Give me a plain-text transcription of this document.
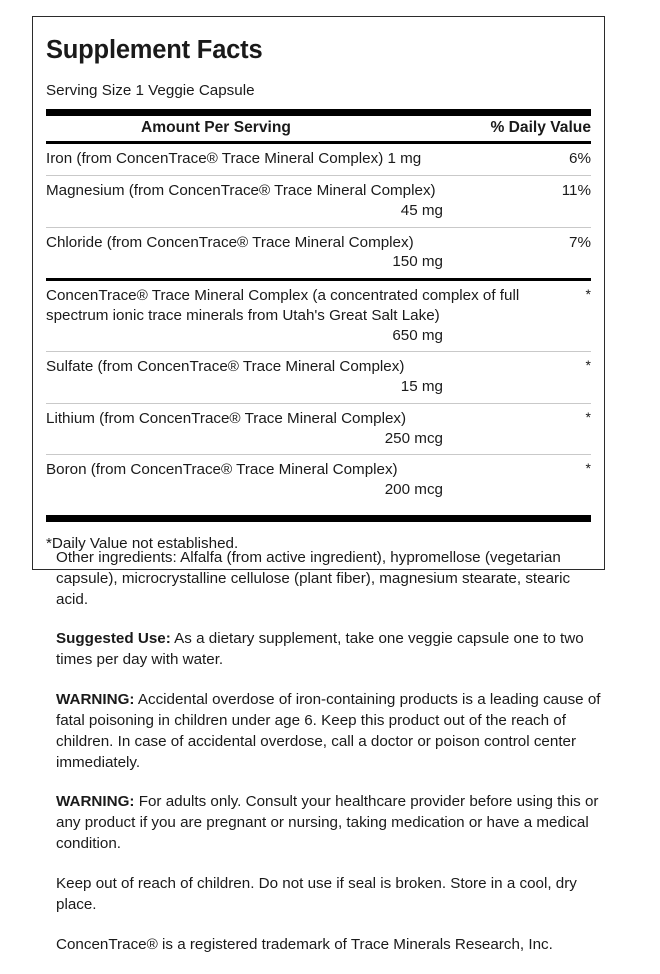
Supplement Facts
Serving Size 1 Veggie Capsule
Amount Per Serving	% Daily Value
Iron (from ConcenTrace® Trace Mineral Complex) 1 mg	6%
Magnesium (from ConcenTrace® Trace Mineral Complex)
45 mg
11%
Chloride (from ConcenTrace® Trace Mineral Complex)
150 mg
7%
ConcenTrace® Trace Mineral Complex (a concentrated complex of full spectrum ionic trace minerals from Utah's Great Salt Lake)
650 mg
*
Sulfate (from ConcenTrace® Trace Mineral Complex)
15 mg
*
Lithium (from ConcenTrace® Trace Mineral Complex)
250 mcg
*
Boron (from ConcenTrace® Trace Mineral Complex)
200 mcg
*
*Daily Value not established.

Other ingredients: Alfalfa (from active ingredient), hypromellose (vegetarian capsule), microcrystalline cellulose (plant fiber), magnesium stearate, stearic acid.

Suggested Use: As a dietary supplement, take one veggie capsule one to two times per day with water.

WARNING: Accidental overdose of iron-containing products is a leading cause of fatal poisoning in children under age 6. Keep this product out of the reach of children. In case of accidental overdose, call a doctor or poison control center immediately.

WARNING: For adults only. Consult your healthcare provider before using this or any product if you are pregnant or nursing, taking medication or have a medical condition.

Keep out of reach of children. Do not use if seal is broken. Store in a cool, dry place.

ConcenTrace® is a registered trademark of Trace Minerals Research, Inc.
